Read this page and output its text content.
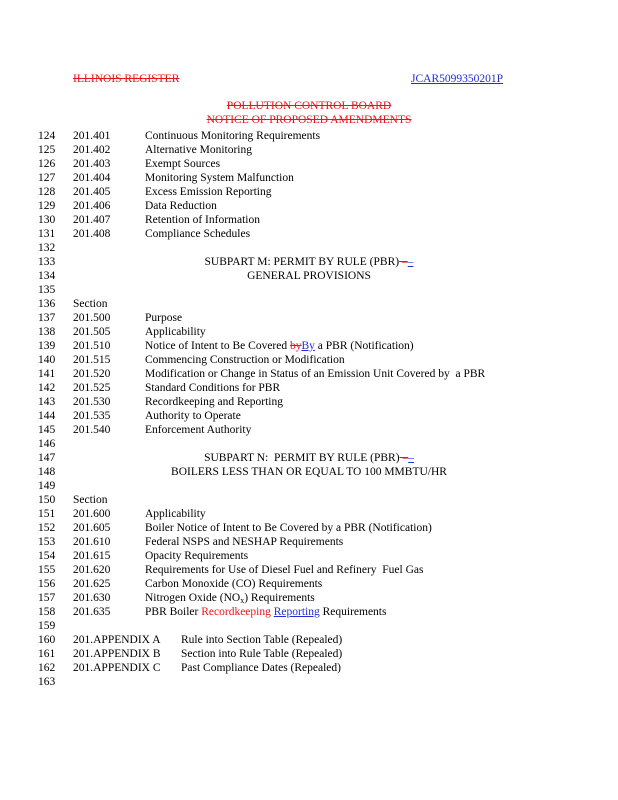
ILLINOIS REGISTER	JCAR5099350201P
POLLUTION CONTROL BOARD
NOTICE OF PROPOSED AMENDMENTS
124 201.401	Continuous Monitoring Requirements
125 201.402	Alternative Monitoring
126 201.403	Exempt Sources
127 201.404	Monitoring System Malfunction
128 201.405	Excess Emission Reporting
129 201.406	Data Reduction
130 201.407	Retention of Information
131 201.408	Compliance Schedules
132
133	SUBPART M: PERMIT BY RULE (PBR) ––
134	GENERAL PROVISIONS
135
136 Section
137 201.500	Purpose
138 201.505	Applicability
139 201.510	Notice of Intent to Be Covered byBy a PBR (Notification)
140 201.515	Commencing Construction or Modification
141 201.520	Modification or Change in Status of an Emission Unit Covered by  a PBR
142 201.525	Standard Conditions for PBR
143 201.530	Recordkeeping and Reporting
144 201.535	Authority to Operate
145 201.540	Enforcement Authority
146
147	SUBPART N:  PERMIT BY RULE (PBR) ––
148	BOILERS LESS THAN OR EQUAL TO 100 MMBTU/HR
149
150 Section
151 201.600	Applicability
152 201.605	Boiler Notice of Intent to Be Covered by a PBR (Notification)
153 201.610	Federal NSPS and NESHAP Requirements
154 201.615	Opacity Requirements
155 201.620	Requirements for Use of Diesel Fuel and Refinery  Fuel Gas
156 201.625	Carbon Monoxide (CO) Requirements
157 201.630	Nitrogen Oxide $(NO_x)$ Requirements
158 201.635	PBR Boiler Recordkeeping Reporting Requirements
159
160 201.APPENDIX A Rule into Section Table (Repealed)
161 201.APPENDIX B Section into Rule Table (Repealed)
162 201.APPENDIX C Past Compliance Dates (Repealed)
163
